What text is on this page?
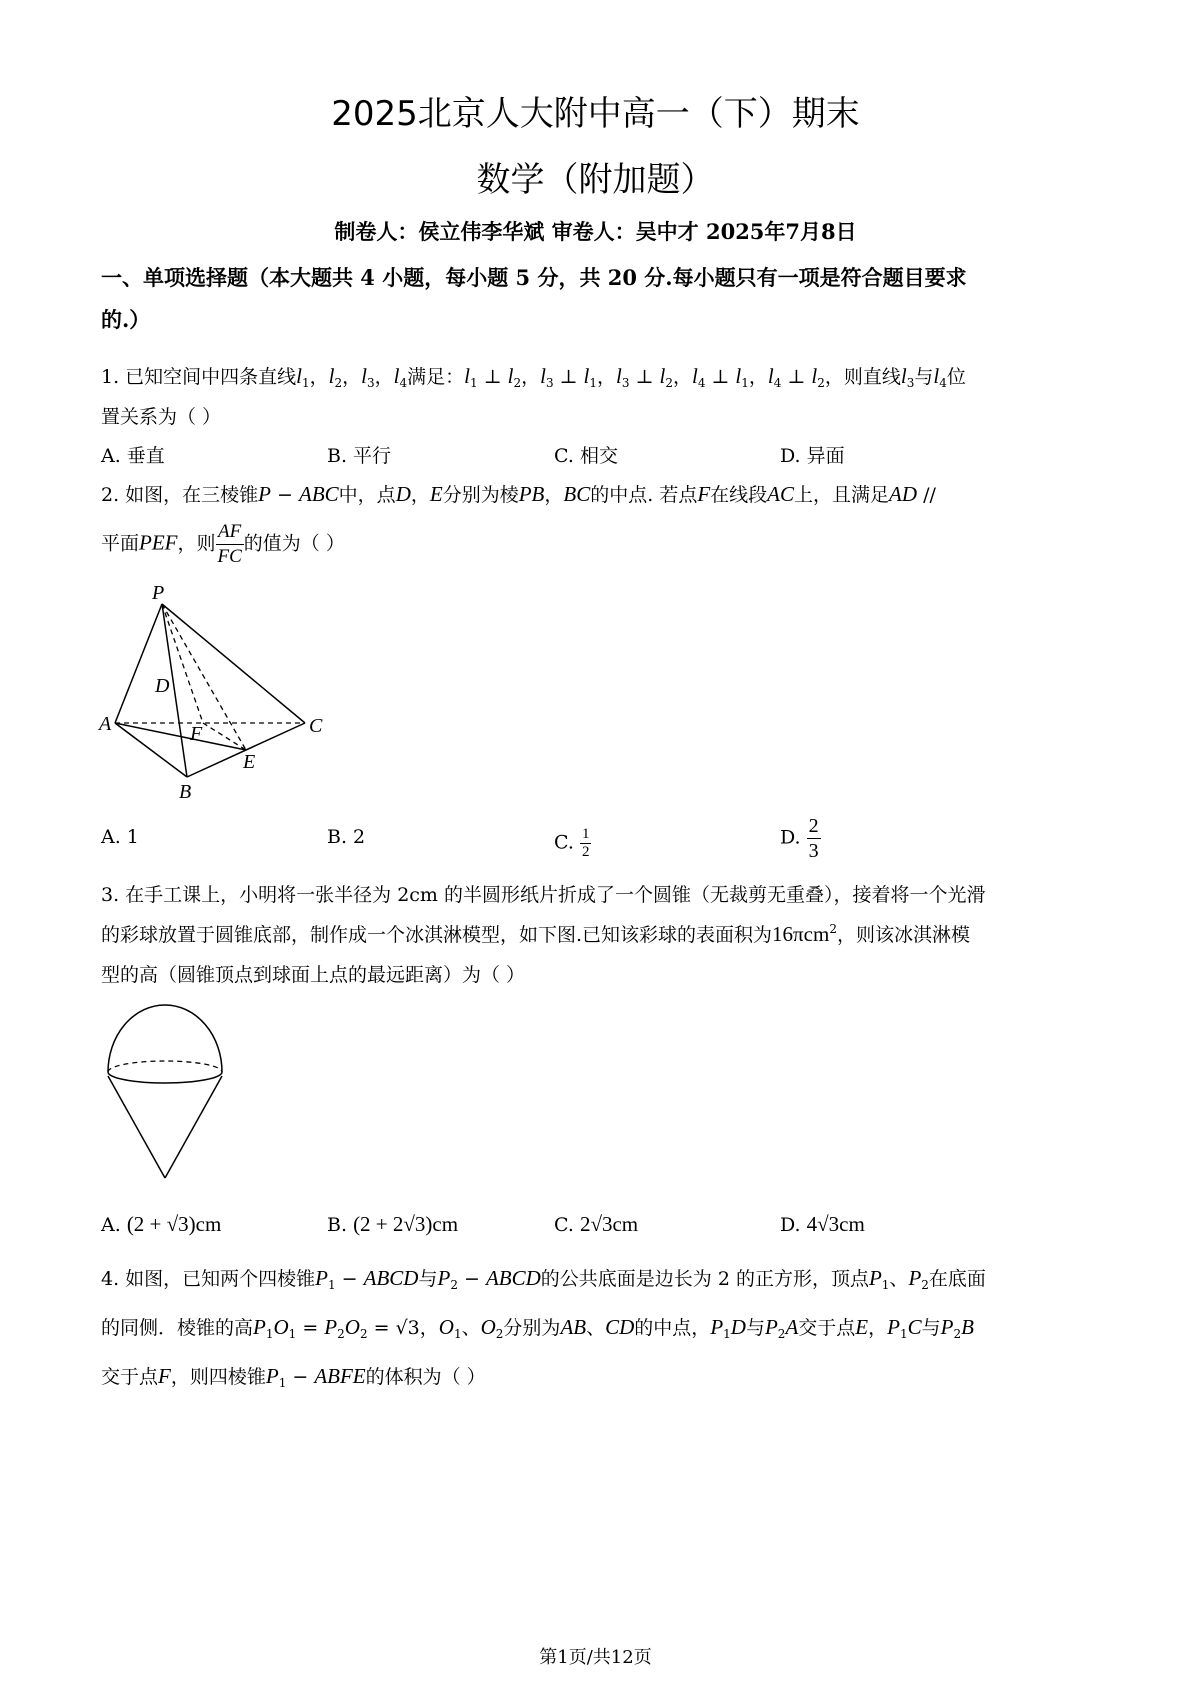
2025北京人大附中高一（下）期末
数学（附加题）
制卷人：侯立伟李华斌 审卷人：吴中才 2025年7月8日
一、单项选择题（本大题共 4 小题，每小题 5 分，共 20 分.每小题只有一项是符合题目要求
的.）
1. 已知空间中四条直线$l_1$，$l_2$，$l_3$，$l_4$满足：$l_1$ ⊥ $l_2$，$l_3$ ⊥ $l_1$，$l_3$ ⊥ $l_2$，$l_4$ ⊥ $l_1$，$l_4$ ⊥ $l_2$，则直线$l_3$与$l_4$位
置关系为（ ）
A. 垂直	B. 平行	C. 相交	D. 异面
2. 如图，在三棱锥P − ABC中，点D，E分别为棱PB，BC的中点. 若点F在线段AC上，且满足AD //
平面PEF，则 $\frac{AF}{FC}$ 的值为（ ）
P
D
A	F	C
E
B
A. 1	B. 2	C. $\frac{1}{2}$	D. $\frac{2}{3}$
3. 在手工课上，小明将一张半径为 2cm 的半圆形纸片折成了一个圆锥（无裁剪无重叠），接着将一个光滑
的彩球放置于圆锥底部，制作成一个冰淇淋模型，如下图.已知该彩球的表面积为16πcm$^2$，则该冰淇淋模
型的高（圆锥顶点到球面上点的最远距离）为（ ）
A. (2 + √3)cm	B. (2 + 2√3)cm	C. 2√3cm	D. 4√3cm
4. 如图，已知两个四棱锥$P_1$ − ABCD与$P_2$ − ABCD的公共底面是边长为 2 的正方形，顶点$P_1$、$P_2$在底面
的同侧．棱锥的高$P_1O_1 = P_2O_2 = √3$，$O_1$、$O_2$分别为AB、CD的中点，$P_1D$与$P_2A$交于点E，$P_1C$与$P_2B$
交于点F，则四棱锥$P_1$ − ABFE的体积为（ ）
第1页/共12页
